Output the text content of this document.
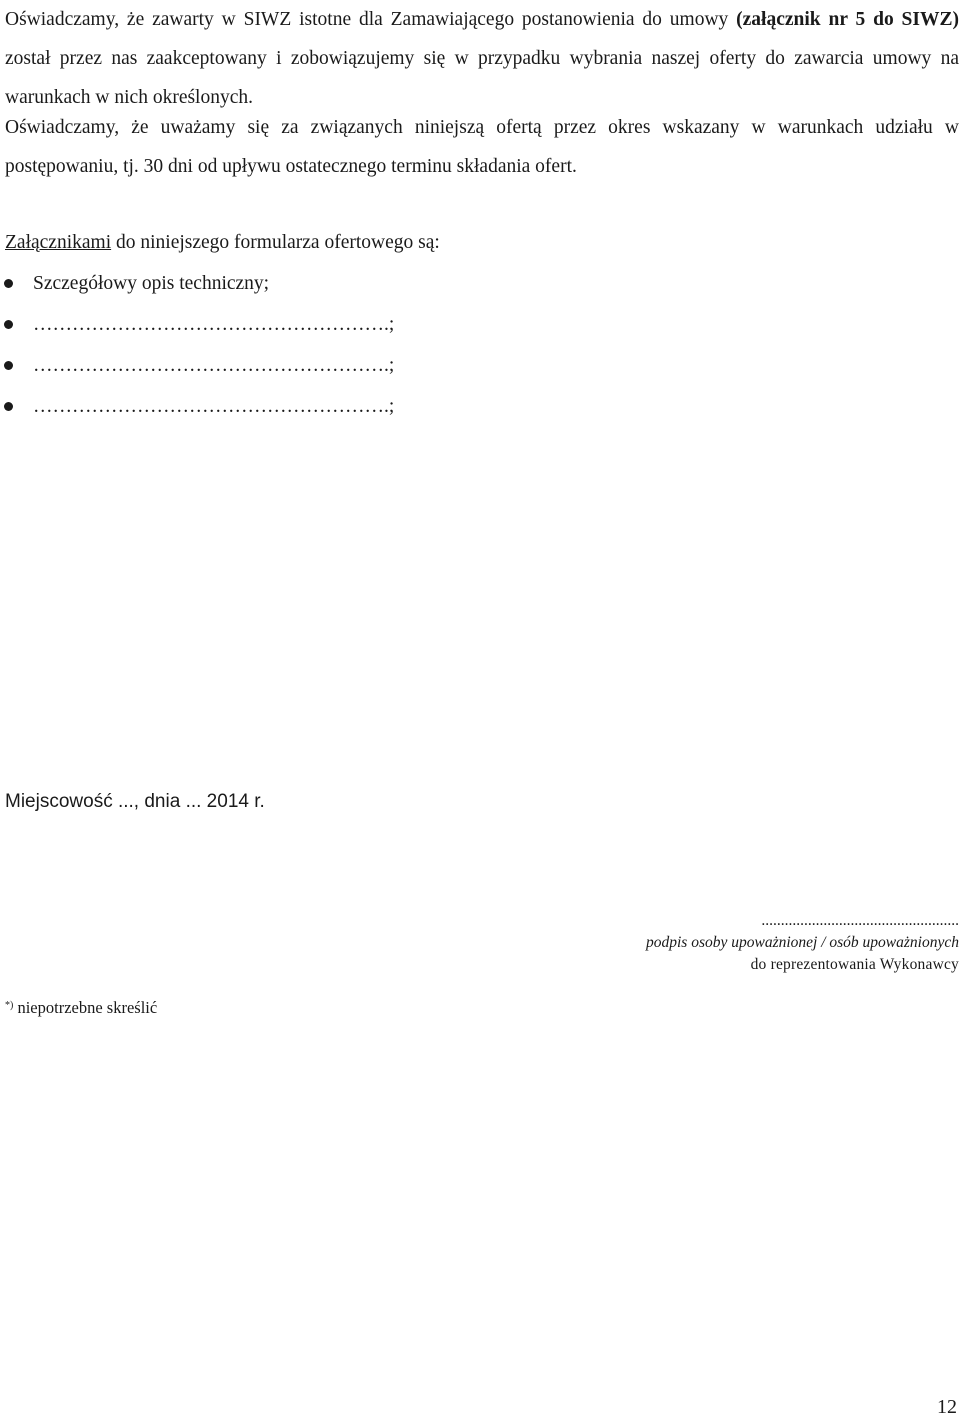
Oświadczamy, że zawarty w SIWZ istotne dla Zamawiającego postanowienia do umowy (załącznik nr 5 do SIWZ) został przez nas zaakceptowany i zobowiązujemy się w przypadku wybrania naszej oferty do zawarcia umowy na warunkach w nich określonych.

Oświadczamy, że uważamy się za związanych niniejszą ofertą przez okres wskazany w warunkach udziału w postępowaniu, tj. 30 dni od upływu ostatecznego terminu składania ofert.

Załącznikami do niniejszego formularza ofertowego są:

Szczegółowy opis techniczny;
……………………………………………….;
……………………………………………….;
……………………………………………….;

Miejscowość ..., dnia ... 2014 r.

...................................................
podpis osoby upoważnionej / osób upoważnionych
do reprezentowania Wykonawcy
*) niepotrzebne skreślić
12
